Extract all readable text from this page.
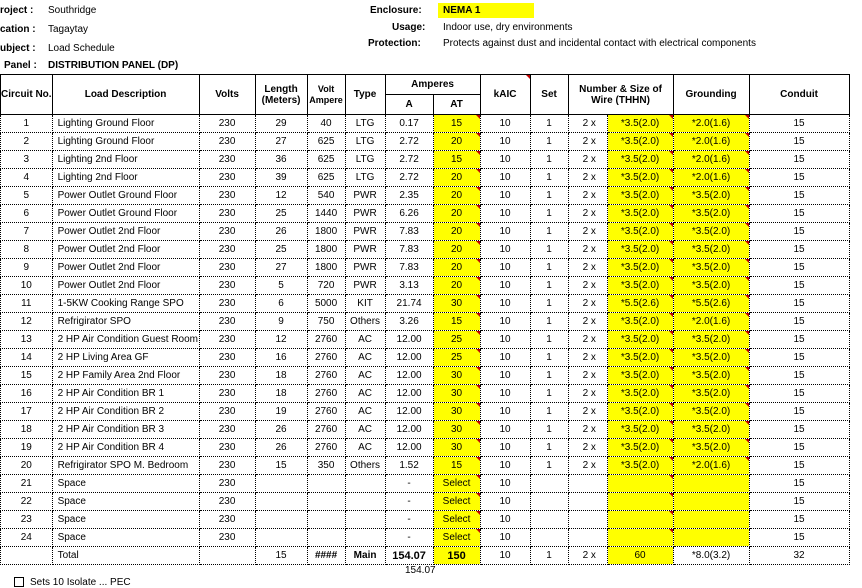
roject : Southridge
cation : Tagaytay
ubject : Load Schedule
Panel : DISTRIBUTION PANEL (DP)
Enclosure:	NEMA 1
Usage: Indoor use, dry environments
Protection: Protects against dust and incidental contact with electrical components
Circuit No.	Load Description	Volts	Length (Meters)	Volt Ampere	Type	Amperes		kAIC	Set	Number & Size of Wire (THHN)		Grounding	Conduit
						A	AT						
1	Lighting Ground Floor	230	29	40	LTG	0.17	15	10	1	2 x	*3.5(2.0)	*2.0(1.6)	15
2	Lighting Ground Floor	230	27	625	LTG	2.72	20	10	1	2 x	*3.5(2.0)	*2.0(1.6)	15
3	Lighting 2nd Floor	230	36	625	LTG	2.72	15	10	1	2 x	*3.5(2.0)	*2.0(1.6)	15
4	Lighting 2nd Floor	230	39	625	LTG	2.72	20	10	1	2 x	*3.5(2.0)	*2.0(1.6)	15
5	Power Outlet Ground Floor	230	12	540	PWR	2.35	20	10	1	2 x	*3.5(2.0)	*3.5(2.0)	15
6	Power Outlet Ground Floor	230	25	1440	PWR	6.26	20	10	1	2 x	*3.5(2.0)	*3.5(2.0)	15
7	Power Outlet 2nd Floor	230	26	1800	PWR	7.83	20	10	1	2 x	*3.5(2.0)	*3.5(2.0)	15
8	Power Outlet 2nd Floor	230	25	1800	PWR	7.83	20	10	1	2 x	*3.5(2.0)	*3.5(2.0)	15
9	Power Outlet 2nd Floor	230	27	1800	PWR	7.83	20	10	1	2 x	*3.5(2.0)	*3.5(2.0)	15
10	Power Outlet 2nd Floor	230	5	720	PWR	3.13	20	10	1	2 x	*3.5(2.0)	*3.5(2.0)	15
11	1-5KW Cooking Range SPO	230	6	5000	KIT	21.74	30	10	1	2 x	*5.5(2.6)	*5.5(2.6)	15
12	Refrigirator SPO	230	9	750	Others	3.26	15	10	1	2 x	*3.5(2.0)	*2.0(1.6)	15
13	2 HP Air Condition Guest Room	230	12	2760	AC	12.00	25	10	1	2 x	*3.5(2.0)	*3.5(2.0)	15
14	2 HP Living Area GF	230	16	2760	AC	12.00	25	10	1	2 x	*3.5(2.0)	*3.5(2.0)	15
15	2 HP Family Area 2nd Floor	230	18	2760	AC	12.00	30	10	1	2 x	*3.5(2.0)	*3.5(2.0)	15
16	2 HP Air Condition BR 1	230	18	2760	AC	12.00	30	10	1	2 x	*3.5(2.0)	*3.5(2.0)	15
17	2 HP Air Condition BR 2	230	19	2760	AC	12.00	30	10	1	2 x	*3.5(2.0)	*3.5(2.0)	15
18	2 HP Air Condition BR 3	230	26	2760	AC	12.00	30	10	1	2 x	*3.5(2.0)	*3.5(2.0)	15
19	2 HP Air Condition BR 4	230	26	2760	AC	12.00	30	10	1	2 x	*3.5(2.0)	*3.5(2.0)	15
20	Refrigirator SPO M. Bedroom	230	15	350	Others	1.52	15	10	1	2 x	*3.5(2.0)	*2.0(1.6)	15
21	Space	230				-	Select	10					15
22	Space	230				-	Select	10					15
23	Space	230				-	Select	10					15
24	Space	230				-	Select	10					15
	Total		15	####	Main	154.07	150	10	1	2 x	60	*8.0(3.2)	32
154.07
Sets 10 Isolate ... PEC
